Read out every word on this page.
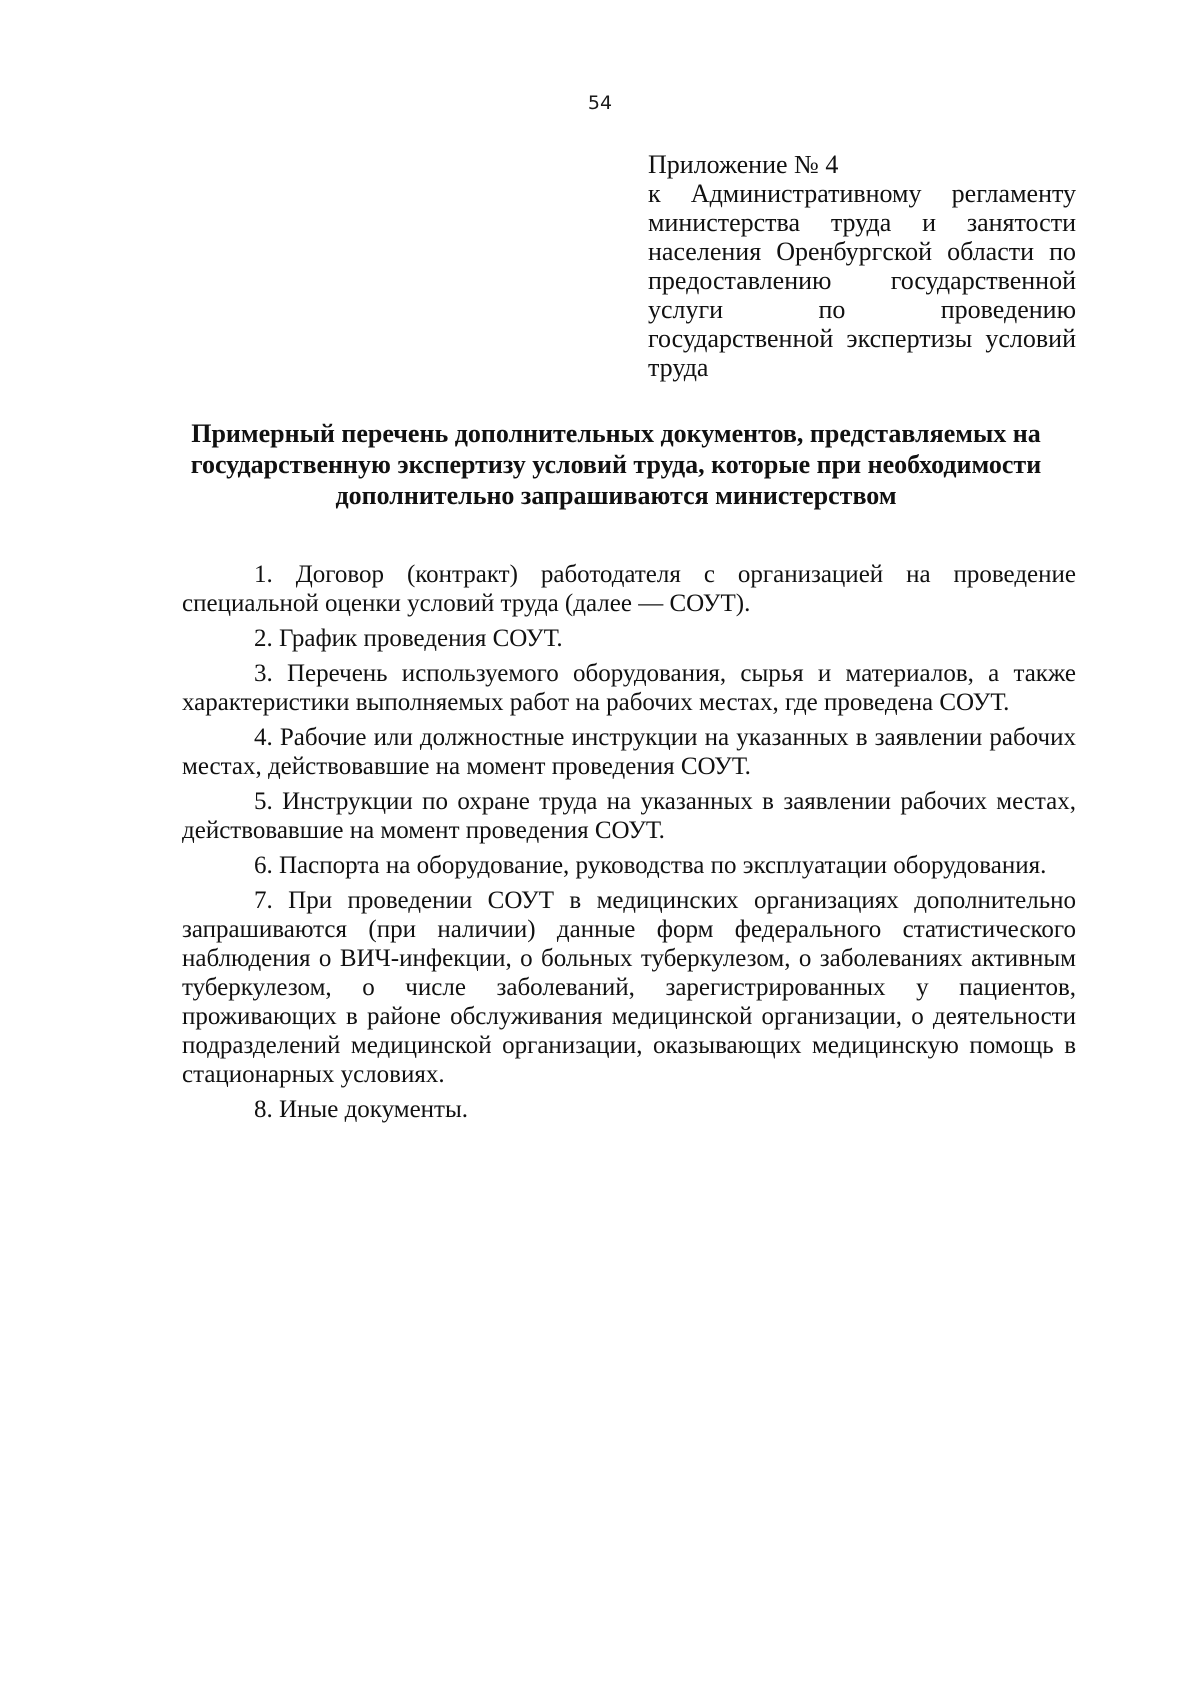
54
Приложение № 4
к Административному регламенту министерства труда и занятости населения Оренбургской области по предоставлению государственной услуги по проведению государственной экспертизы условий труда
Примерный перечень дополнительных документов, представляемых на государственную экспертизу условий труда, которые при необходимости дополнительно запрашиваются министерством

1. Договор (контракт) работодателя с организацией на проведение специальной оценки условий труда (далее — СОУТ).

2. График проведения СОУТ.

3. Перечень используемого оборудования, сырья и материалов, а также характеристики выполняемых работ на рабочих местах, где проведена СОУТ.

4. Рабочие или должностные инструкции на указанных в заявлении рабочих местах, действовавшие на момент проведения СОУТ.

5. Инструкции по охране труда на указанных в заявлении рабочих местах, действовавшие на момент проведения СОУТ.

6. Паспорта на оборудование, руководства по эксплуатации оборудования.

7. При проведении СОУТ в медицинских организациях дополнительно запрашиваются (при наличии) данные форм федерального статистического наблюдения о ВИЧ-инфекции, о больных туберкулезом, о заболеваниях активным туберкулезом, о числе заболеваний, зарегистрированных у пациентов, проживающих в районе обслуживания медицинской организации, о деятельности подразделений медицинской организации, оказывающих медицинскую помощь в стационарных условиях.

8. Иные документы.
